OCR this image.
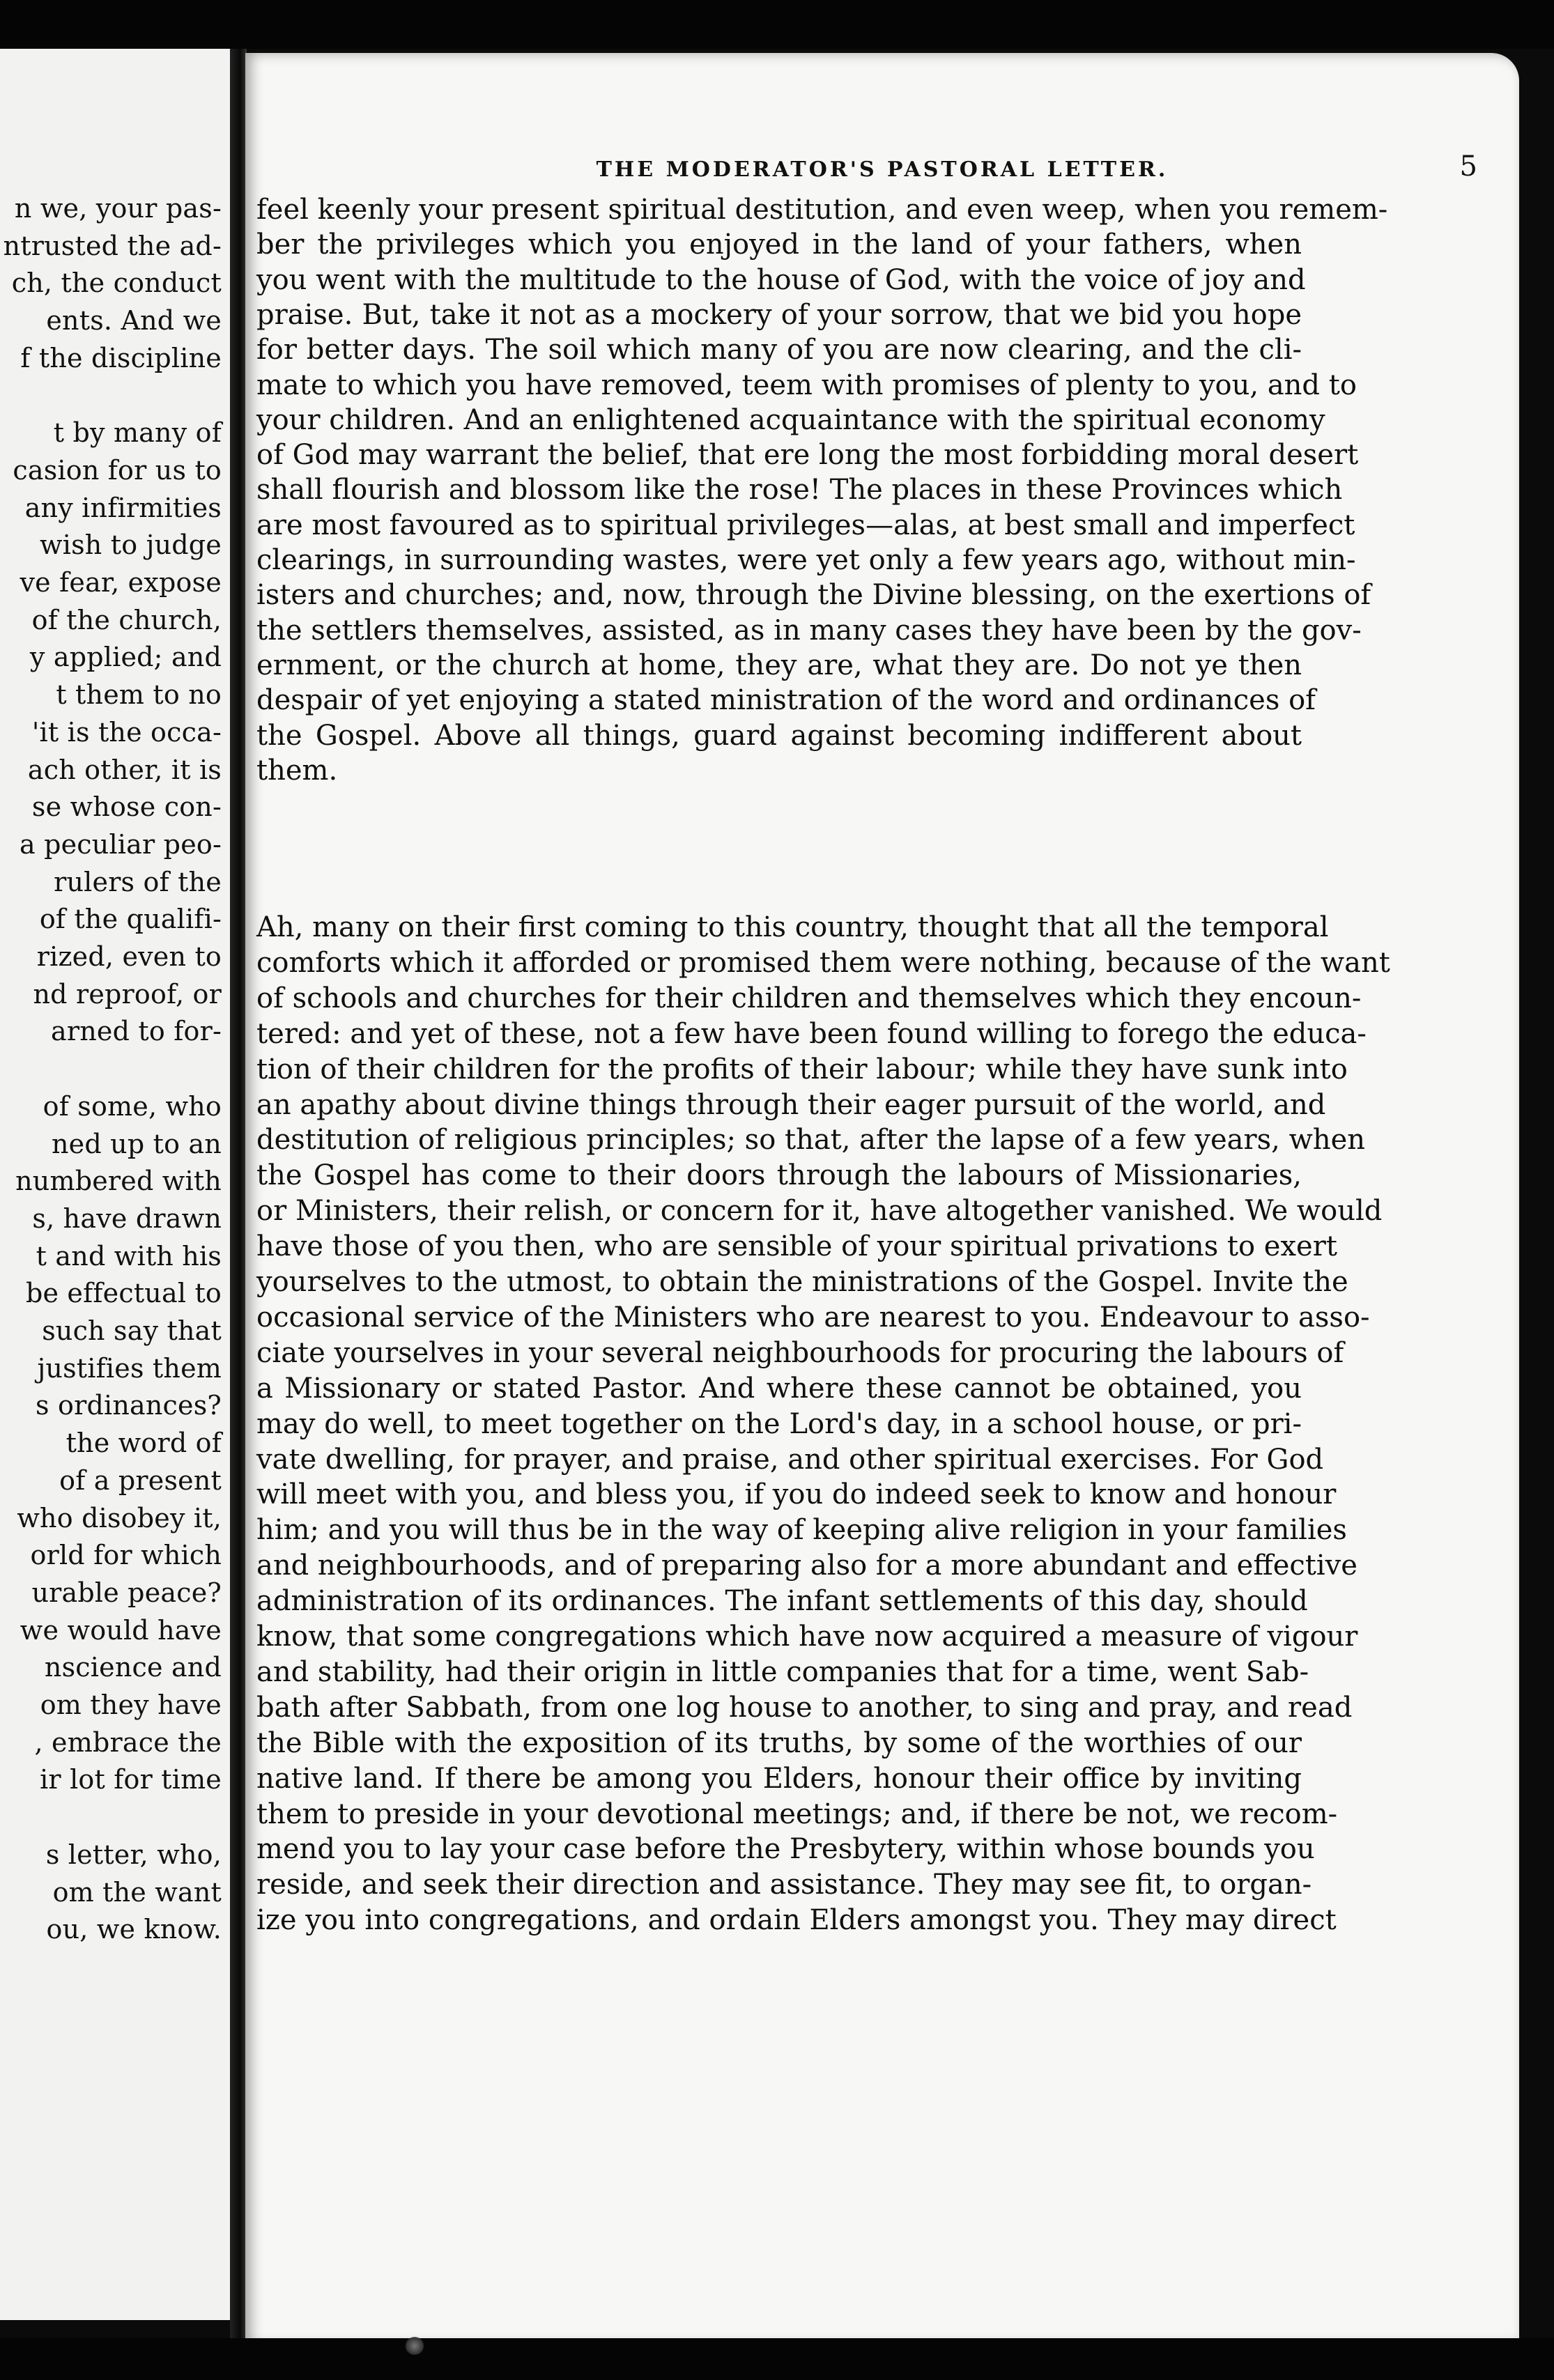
n we, your pas-
ntrusted the ad-
ch, the conduct
ents. And we
f the discipline
t by many of
casion for us to
any infirmities
wish to judge
ve fear, expose
of the church,
y applied; and
t them to no
'it is the occa-
ach other, it is
se whose con-
a peculiar peo-
rulers of the
of the qualifi-
rized, even to
nd reproof, or
arned to for-
of some, who
ned up to an
numbered with
s, have drawn
t and with his
be effectual to
such say that
justifies them
s ordinances?
the word of
of a present
who disobey it,
orld for which
urable peace?
we would have
nscience and
om they have
, embrace the
ir lot for time
s letter, who,
om the want
ou, we know.
THE MODERATOR'S PASTORAL LETTER.	5
feel keenly your present spiritual destitution, and even weep, when you remem-
ber the privileges which you enjoyed in the land of your fathers, when
you went with the multitude to the house of God, with the voice of joy and
praise. But, take it not as a mockery of your sorrow, that we bid you hope
for better days. The soil which many of you are now clearing, and the cli-
mate to which you have removed, teem with promises of plenty to you, and to
your children. And an enlightened acquaintance with the spiritual economy
of God may warrant the belief, that ere long the most forbidding moral desert
shall flourish and blossom like the rose! The places in these Provinces which
are most favoured as to spiritual privileges—alas, at best small and imperfect
clearings, in surrounding wastes, were yet only a few years ago, without min-
isters and churches; and, now, through the Divine blessing, on the exertions of
the settlers themselves, assisted, as in many cases they have been by the gov-
ernment, or the church at home, they are, what they are. Do not ye then
despair of yet enjoying a stated ministration of the word and ordinances of
the Gospel. Above all things, guard against becoming indifferent about
them.
Ah, many on their first coming to this country, thought that all the temporal
comforts which it afforded or promised them were nothing, because of the want
of schools and churches for their children and themselves which they encoun-
tered: and yet of these, not a few have been found willing to forego the educa-
tion of their children for the profits of their labour; while they have sunk into
an apathy about divine things through their eager pursuit of the world, and
destitution of religious principles; so that, after the lapse of a few years, when
the Gospel has come to their doors through the labours of Missionaries,
or Ministers, their relish, or concern for it, have altogether vanished. We would
have those of you then, who are sensible of your spiritual privations to exert
yourselves to the utmost, to obtain the ministrations of the Gospel. Invite the
occasional service of the Ministers who are nearest to you. Endeavour to asso-
ciate yourselves in your several neighbourhoods for procuring the labours of
a Missionary or stated Pastor. And where these cannot be obtained, you
may do well, to meet together on the Lord's day, in a school house, or pri-
vate dwelling, for prayer, and praise, and other spiritual exercises. For God
will meet with you, and bless you, if you do indeed seek to know and honour
him; and you will thus be in the way of keeping alive religion in your families
and neighbourhoods, and of preparing also for a more abundant and effective
administration of its ordinances. The infant settlements of this day, should
know, that some congregations which have now acquired a measure of vigour
and stability, had their origin in little companies that for a time, went Sab-
bath after Sabbath, from one log house to another, to sing and pray, and read
the Bible with the exposition of its truths, by some of the worthies of our
native land. If there be among you Elders, honour their office by inviting
them to preside in your devotional meetings; and, if there be not, we recom-
mend you to lay your case before the Presbytery, within whose bounds you
reside, and seek their direction and assistance. They may see fit, to organ-
ize you into congregations, and ordain Elders amongst you. They may direct
